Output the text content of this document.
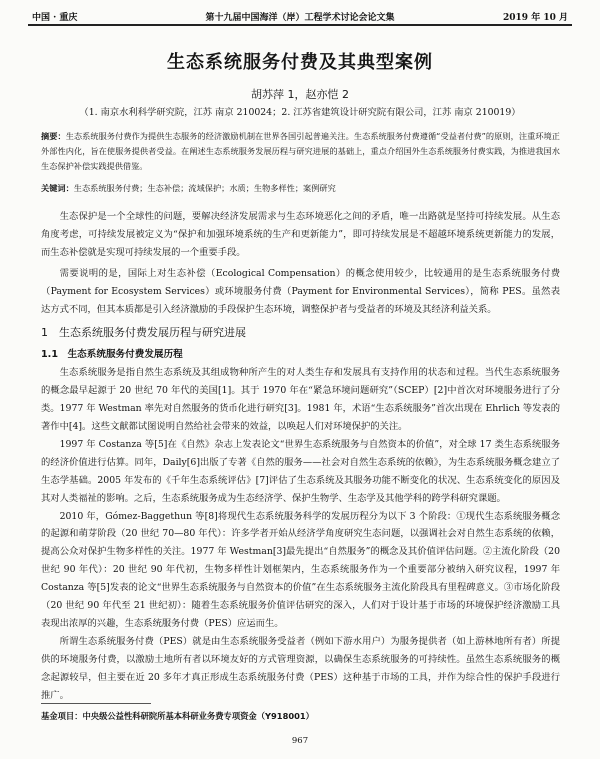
中国 · 重庆	第十九届中国海洋（岸）工程学术讨论会论文集	2019 年 10 月
生态系统服务付费及其典型案例
胡苏萍 1，赵亦恺 2
（1. 南京水利科学研究院，江苏 南京 210024；2. 江苏省建筑设计研究院有限公司，江苏 南京 210019）
摘要：生态系统服务付费作为提供生态服务的经济激励机制在世界各国引起普遍关注。生态系统服务付费遵循“受益者付费”的原则，注重环境正外部性内化，旨在使服务提供者受益。在阐述生态系统服务发展历程与研究进展的基础上，重点介绍国外生态系统服务付费实践，为推进我国水生态保护补偿实践提供借鉴。
关键词：生态系统服务付费；生态补偿；流域保护；水质；生物多样性；案例研究

生态保护是一个全球性的问题，要解决经济发展需求与生态环境恶化之间的矛盾，唯一出路就是坚持可持续发展。从生态角度考虑，可持续发展被定义为“保护和加强环境系统的生产和更新能力”，即可持续发展是不超越环境系统更新能力的发展，而生态补偿就是实现可持续发展的一个重要手段。

需要说明的是，国际上对生态补偿（Ecological Compensation）的概念使用较少，比较通用的是生态系统服务付费（Payment for Ecosystem Services）或环境服务付费（Payment for Environmental Services），简称 PES。虽然表达方式不同，但其本质都是引入经济激励的手段保护生态环境，调整保护者与受益者的环境及其经济利益关系。

1　生态系统服务付费发展历程与研究进展
1.1　生态系统服务付费发展历程

生态系统服务是指自然生态系统及其组成物种所产生的对人类生存和发展具有支持作用的状态和过程。当代生态系统服务的概念最早起源于 20 世纪 70 年代的美国[1]。其于 1970 年在“紧急环境问题研究”（SCEP）[2]中首次对环境服务进行了分类。1977 年 Westman 率先对自然服务的货币化进行研究[3]。1981 年，术语“生态系统服务”首次出现在 Ehrlich 等发表的著作中[4]。这些文献都试图说明自然给社会带来的效益，以唤起人们对环境保护的关注。

1997 年 Costanza 等[5]在《自然》杂志上发表论文“世界生态系统服务与自然资本的价值”，对全球 17 类生态系统服务的经济价值进行估算。同年，Daily[6]出版了专著《自然的服务——社会对自然生态系统的依赖》，为生态系统服务概念建立了生态学基础。2005 年发布的《千年生态系统评估》[7]评估了生态系统及其服务功能不断变化的状况、生态系统变化的原因及其对人类福祉的影响。之后，生态系统服务成为生态经济学、保护生物学、生态学及其他学科的跨学科研究课题。

2010 年，Gómez-Baggethun 等[8]将现代生态系统服务科学的发展历程分为以下 3 个阶段：①现代生态系统服务概念的起源和萌芽阶段（20 世纪 70—80 年代）：许多学者开始从经济学角度研究生态问题，以强调社会对自然生态系统的依赖，提高公众对保护生物多样性的关注。1977 年 Westman[3]最先提出“自然服务”的概念及其价值评估问题。②主流化阶段（20 世纪 90 年代）：20 世纪 90 年代初，生物多样性计划框架内，生态系统服务作为一个重要部分被纳入研究议程，1997 年 Costanza 等[5]发表的论文“世界生态系统服务与自然资本的价值”在生态系统服务主流化阶段具有里程碑意义。③市场化阶段（20 世纪 90 年代至 21 世纪初）：随着生态系统服务价值评估研究的深入，人们对于设计基于市场的环境保护经济激励工具表现出浓厚的兴趣，生态系统服务付费（PES）应运而生。

所谓生态系统服务付费（PES）就是由生态系统服务受益者（例如下游水用户）为服务提供者（如上游林地所有者）所提供的环境服务付费，以激励土地所有者以环境友好的方式管理资源，以确保生态系统服务的可持续性。虽然生态系统服务的概念起源较早，但主要在近 20 多年才真正形成生态系统服务付费（PES）这种基于市场的工具，并作为综合性的保护手段进行推广。

基金项目：中央级公益性科研院所基本科研业务费专项资金（Y918001）
967
